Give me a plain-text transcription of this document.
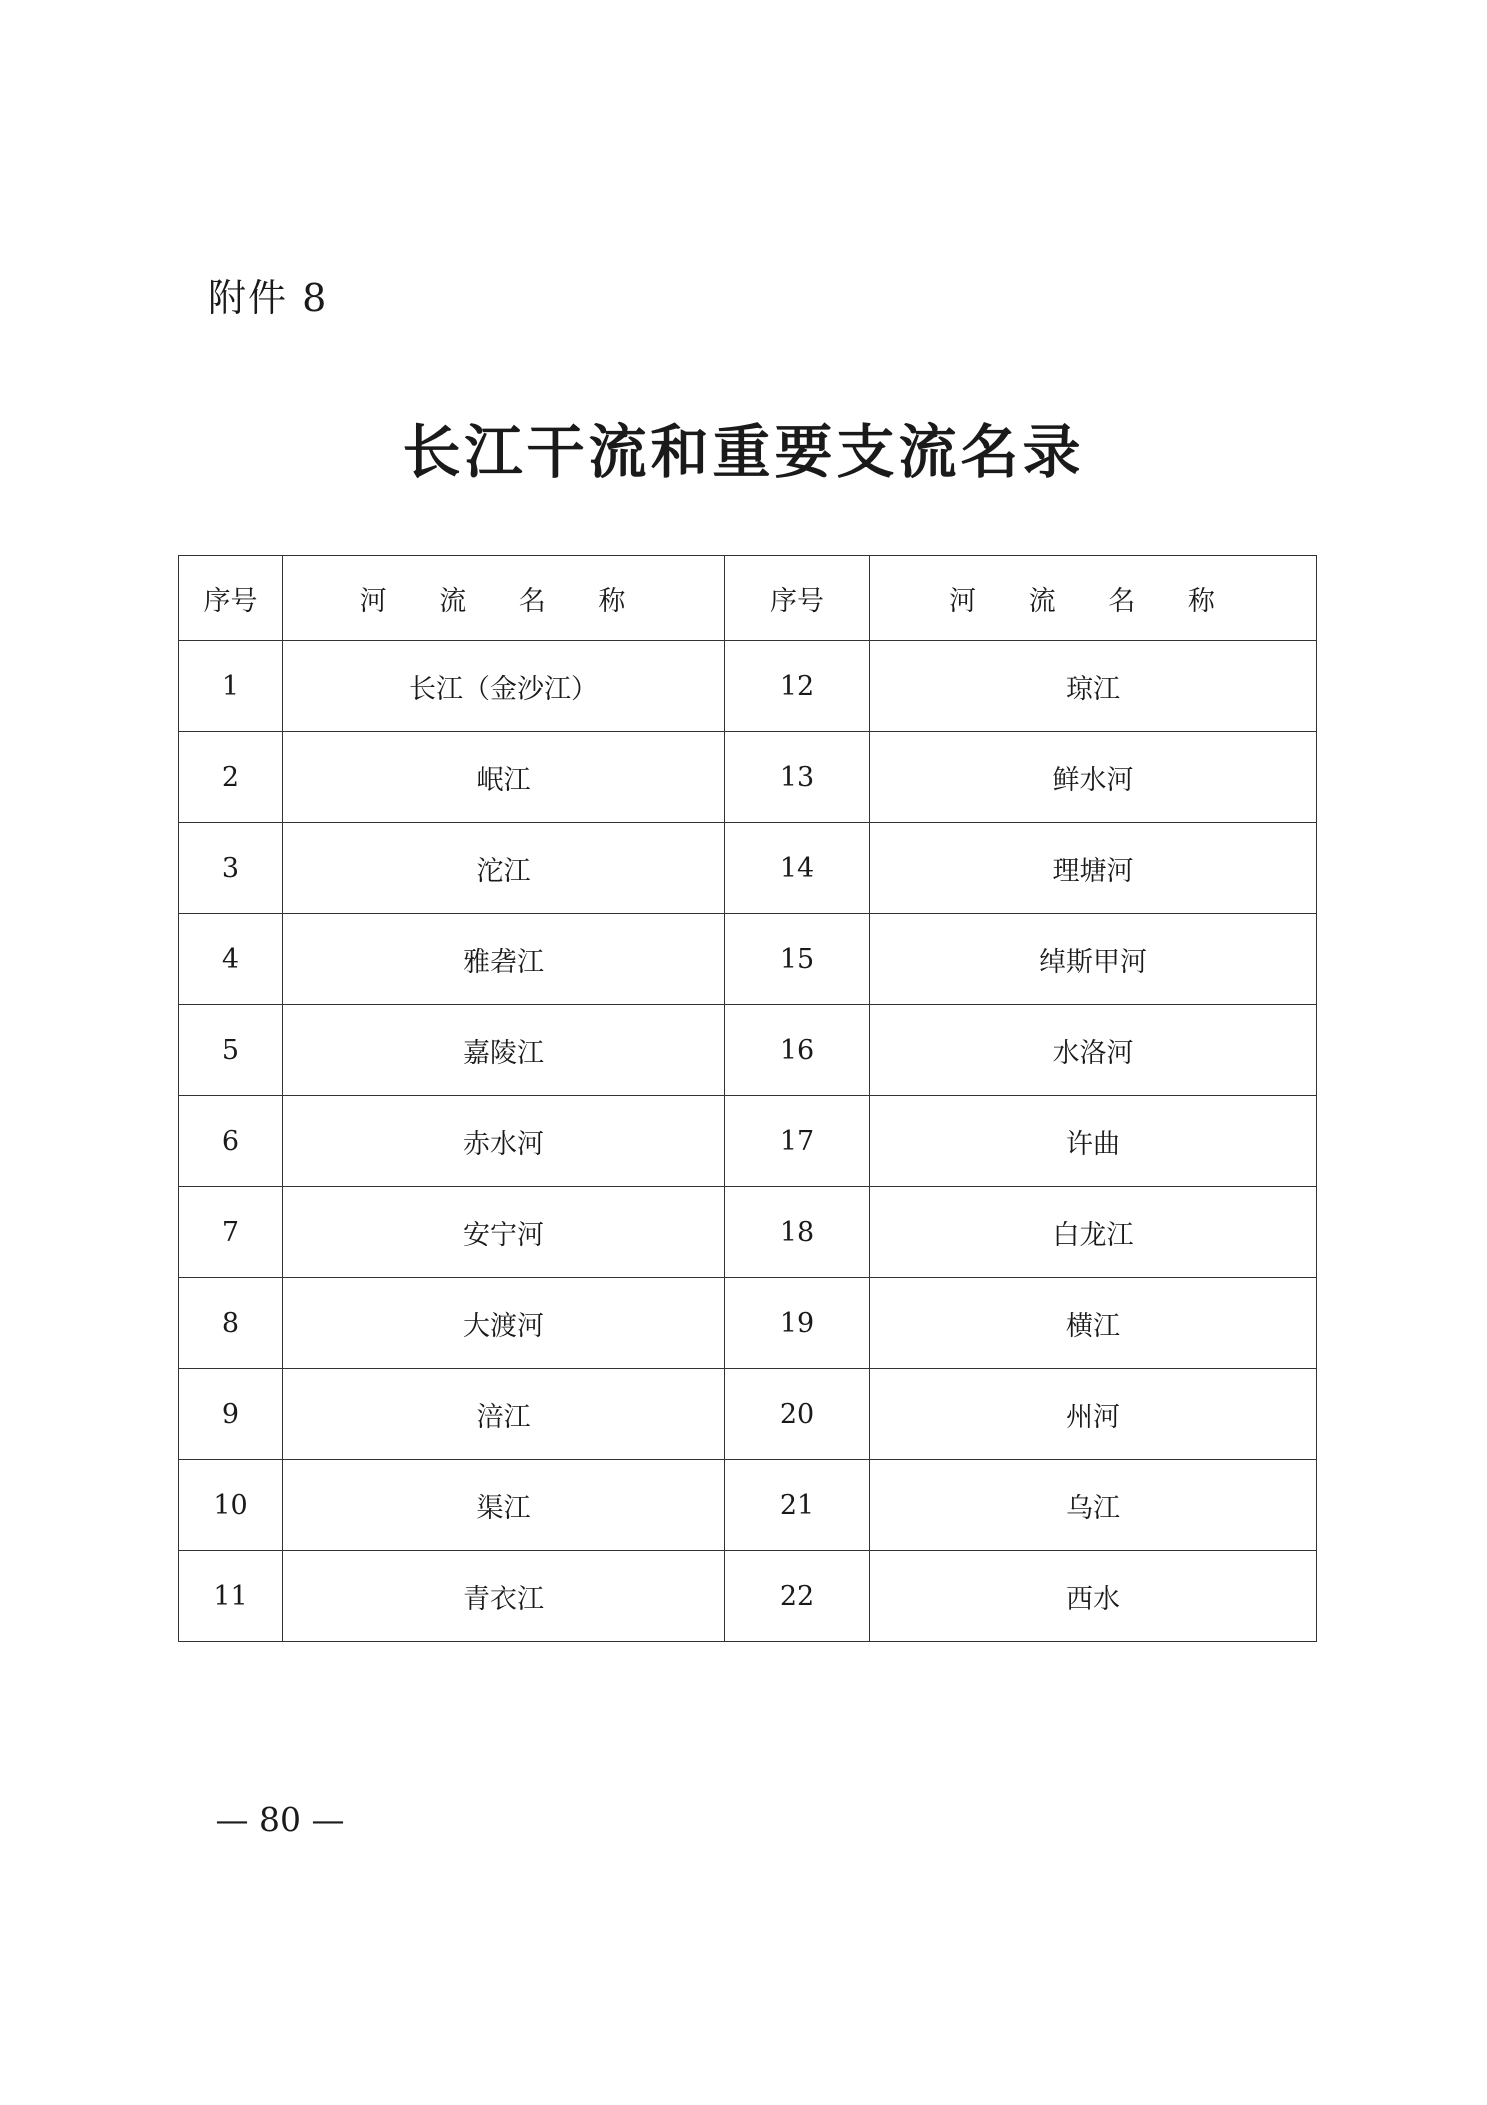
附件 8
长江干流和重要支流名录
序号	河 流 名 称	序号	河 流 名 称
1	长江（金沙江）	12	琼江
2	岷江	13	鲜水河
3	沱江	14	理塘河
4	雅砻江	15	绰斯甲河
5	嘉陵江	16	水洛河
6	赤水河	17	许曲
7	安宁河	18	白龙江
8	大渡河	19	横江
9	涪江	20	州河
10	渠江	21	乌江
11	青衣江	22	西水
— 80 —
